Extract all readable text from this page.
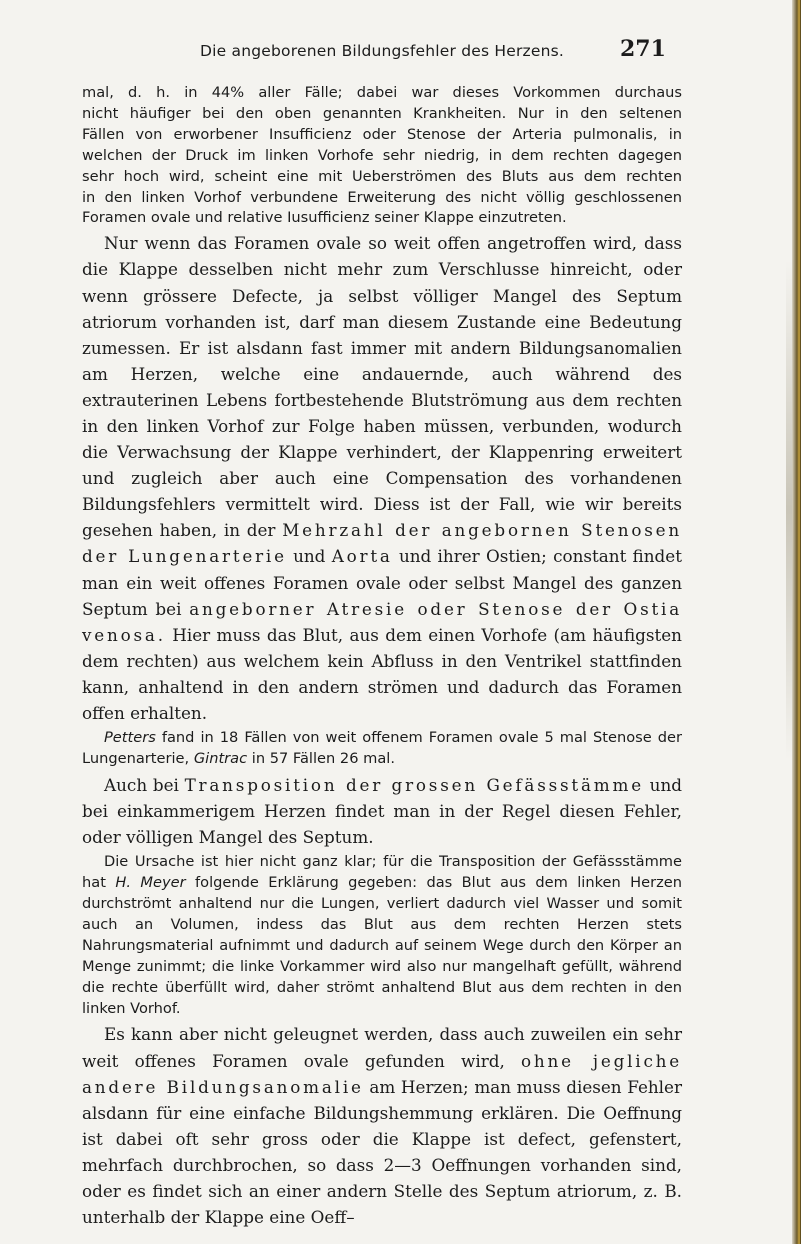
Die angeborenen Bildungsfehler des Herzens.	271

mal, d. h. in 44% aller Fälle; dabei war dieses Vorkommen durchaus

nicht häufiger bei den oben genannten Krankheiten. Nur in den seltenen

Fällen von erworbener Insufficienz oder Stenose der Arteria pulmonalis, in

welchen der Druck im linken Vorhofe sehr niedrig, in dem rechten dagegen

sehr hoch wird, scheint eine mit Ueberströmen des Bluts aus dem rechten

in den linken Vorhof verbundene Erweiterung des nicht völlig geschlossenen

Foramen ovale und relative Iusufficienz seiner Klappe einzutreten.

Nur wenn das Foramen ovale so weit offen angetroffen wird, dass die Klappe desselben nicht mehr zum Verschlusse hinreicht, oder wenn grössere Defecte, ja selbst völliger Mangel des Septum atriorum vorhanden ist, darf man diesem Zustande eine Bedeutung zumessen. Er ist alsdann fast immer mit andern Bildungsanomalien am Herzen, welche eine andauernde, auch während des extrauterinen Lebens fortbestehende Blutströmung aus dem rechten in den linken Vorhof zur Folge haben müssen, verbunden, wodurch die Verwachsung der Klappe verhindert, der Klappenring erweitert und zugleich aber auch eine Compensation des vorhandenen Bildungsfehlers vermittelt wird. Diess ist der Fall, wie wir bereits gesehen haben, in der Mehrzahl der angebornen Stenosen der Lungenarterie und Aorta und ihrer Ostien; constant findet man ein weit offenes Foramen ovale oder selbst Mangel des ganzen Septum bei angeborner Atresie oder Stenose der Ostia venosa. Hier muss das Blut, aus dem einen Vorhofe (am häufigsten dem rechten) aus welchem kein Abfluss in den Ventrikel stattfinden kann, anhaltend in den andern strömen und dadurch das Foramen offen erhalten.

Petters fand in 18 Fällen von weit offenem Foramen ovale 5 mal Stenose der Lungenarterie, Gintrac in 57 Fällen 26 mal.

Auch bei Transposition der grossen Gefässstämme und bei einkammerigem Herzen findet man in der Regel diesen Fehler, oder völligen Mangel des Septum.

Die Ursache ist hier nicht ganz klar; für die Transposition der Gefässstämme hat H. Meyer folgende Erklärung gegeben: das Blut aus dem linken Herzen durchströmt anhaltend nur die Lungen, verliert dadurch viel Wasser und somit auch an Volumen, indess das Blut aus dem rechten Herzen stets Nahrungsmaterial aufnimmt und dadurch auf seinem Wege durch den Körper an Menge zunimmt; die linke Vorkammer wird also nur mangelhaft gefüllt, während die rechte überfüllt wird, daher strömt anhaltend Blut aus dem rechten in den linken Vorhof.

Es kann aber nicht geleugnet werden, dass auch zuweilen ein sehr weit offenes Foramen ovale gefunden wird, ohne jegliche andere Bildungsanomalie am Herzen; man muss diesen Fehler alsdann für eine einfache Bildungshemmung erklären. Die Oeffnung ist dabei oft sehr gross oder die Klappe ist defect, gefenstert, mehrfach durchbrochen, so dass 2—3 Oeffnungen vorhanden sind, oder es findet sich an einer andern Stelle des Septum atriorum, z. B. unterhalb der Klappe eine Oeff–
